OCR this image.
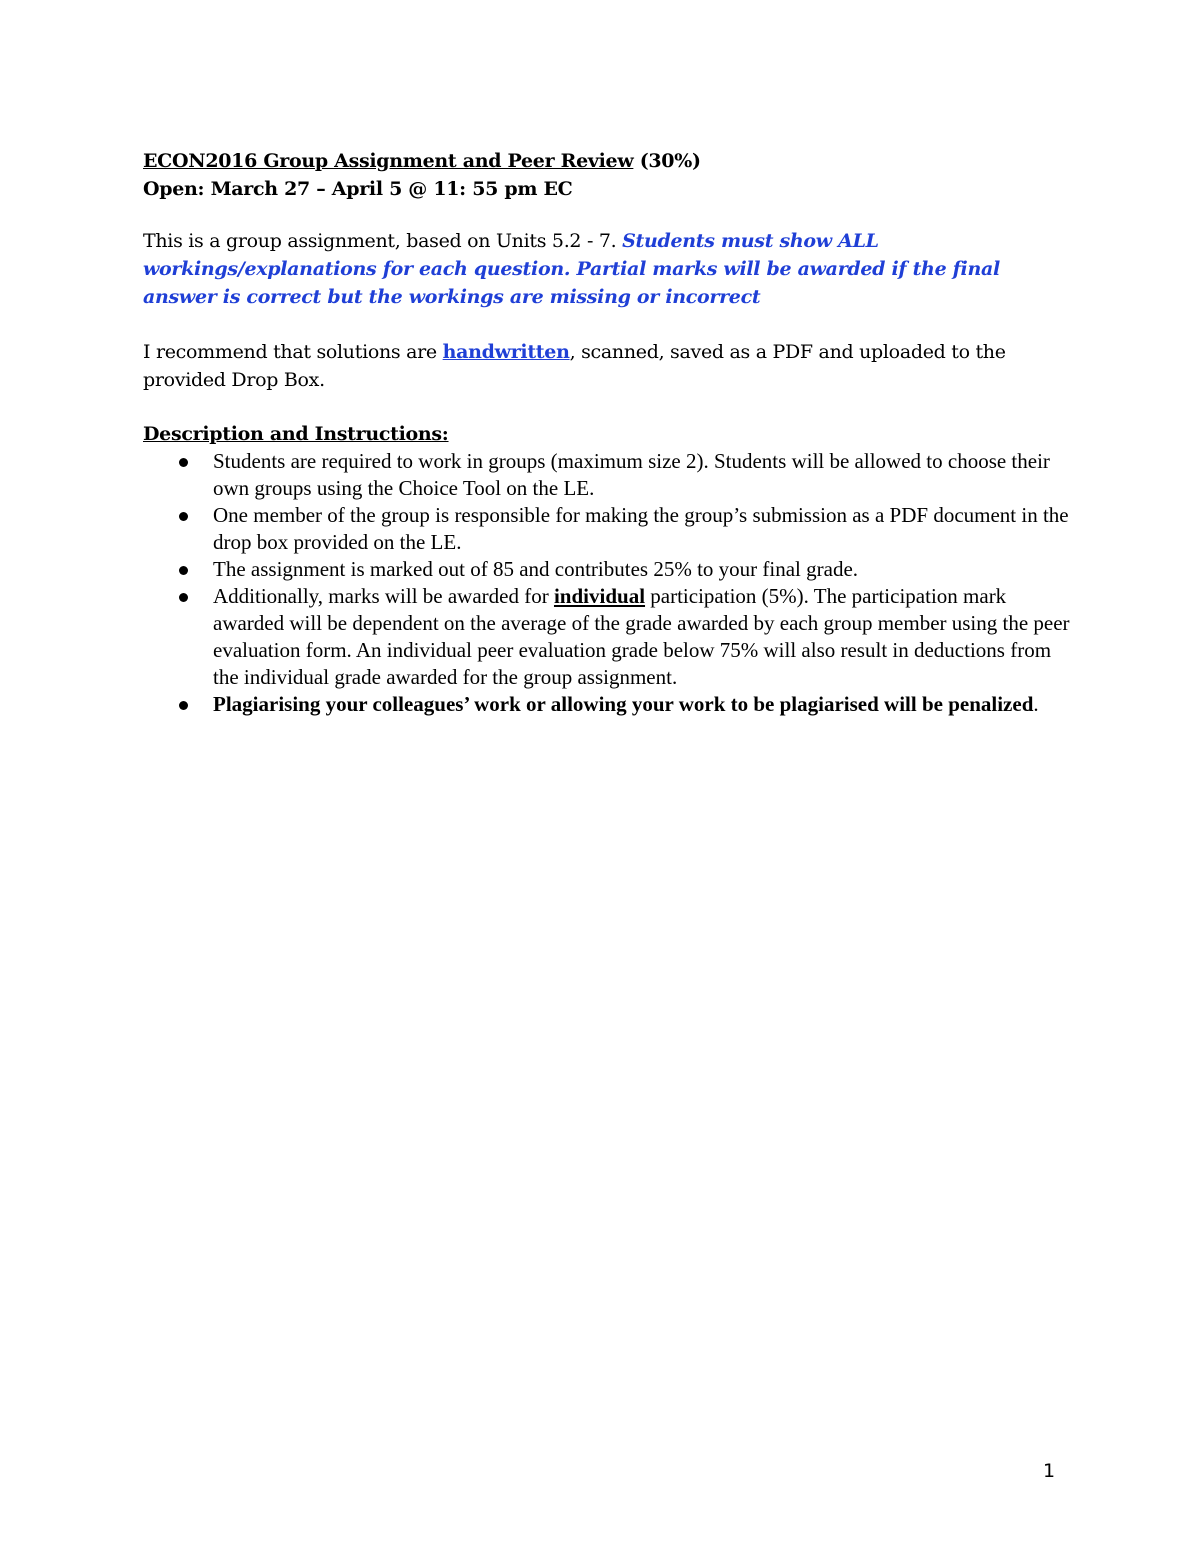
ECON2016 Group Assignment and Peer Review (30%)
Open: March 27 – April 5 @ 11: 55 pm EC
This is a group assignment, based on Units 5.2 - 7. Students must show ALL workings/explanations for each question. Partial marks will be awarded if the final answer is correct but the workings are missing or incorrect
I recommend that solutions are handwritten, scanned, saved as a PDF and uploaded to the provided Drop Box.
Description and Instructions:
Students are required to work in groups (maximum size 2). Students will be allowed to choose their own groups using the Choice Tool on the LE.
One member of the group is responsible for making the group’s submission as a PDF document in the drop box provided on the LE.
The assignment is marked out of 85 and contributes 25% to your final grade.
Additionally, marks will be awarded for individual participation (5%). The participation mark awarded will be dependent on the average of the grade awarded by each group member using the peer evaluation form. An individual peer evaluation grade below 75% will also result in deductions from the individual grade awarded for the group assignment.
Plagiarising your colleagues’ work or allowing your work to be plagiarised will be penalized.
1
